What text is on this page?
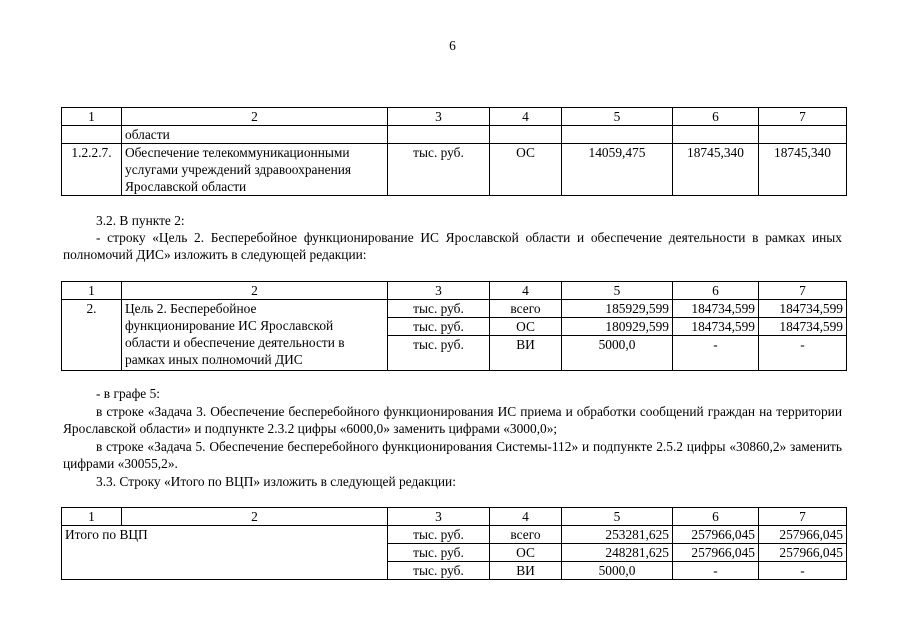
6
1	2	3	4	5	6	7
	области					
1.2.2.7.	Обеспечение телекоммуникационными
услугами учреждений здравоохранения
Ярославской области	тыс. руб.	ОС	14059,475	18745,340	18745,340
3.2. В пункте 2:
- строку «Цель 2. Бесперебойное функционирование ИС Ярославской области и обеспечение деятельности в рамках иных полномочий ДИС» изложить в следующей редакции:
1	2	3	4	5	6	7
2.	Цель 2. Бесперебойное
функционирование ИС Ярославской
области и обеспечение деятельности в
рамках иных полномочий ДИС	тыс. руб.	всего	185929,599	184734,599	184734,599
		тыс. руб.	ОС	180929,599	184734,599	184734,599
		тыс. руб.	ВИ	5000,0	-	-
- в графе 5:
в строке «Задача 3. Обеспечение бесперебойного функционирования ИС приема и обработки сообщений граждан на территории Ярославской области» и подпункте 2.3.2 цифры «6000,0» заменить цифрами «3000,0»;
в строке «Задача 5. Обеспечение бесперебойного функционирования Системы-112» и подпункте 2.5.2 цифры «30860,2» заменить цифрами «30055,2».
3.3. Строку «Итого по ВЦП» изложить в следующей редакции:
1	2	3	4	5	6	7
Итого по ВЦП		тыс. руб.	всего	253281,625	257966,045	257966,045
		тыс. руб.	ОС	248281,625	257966,045	257966,045
		тыс. руб.	ВИ	5000,0	-	-
